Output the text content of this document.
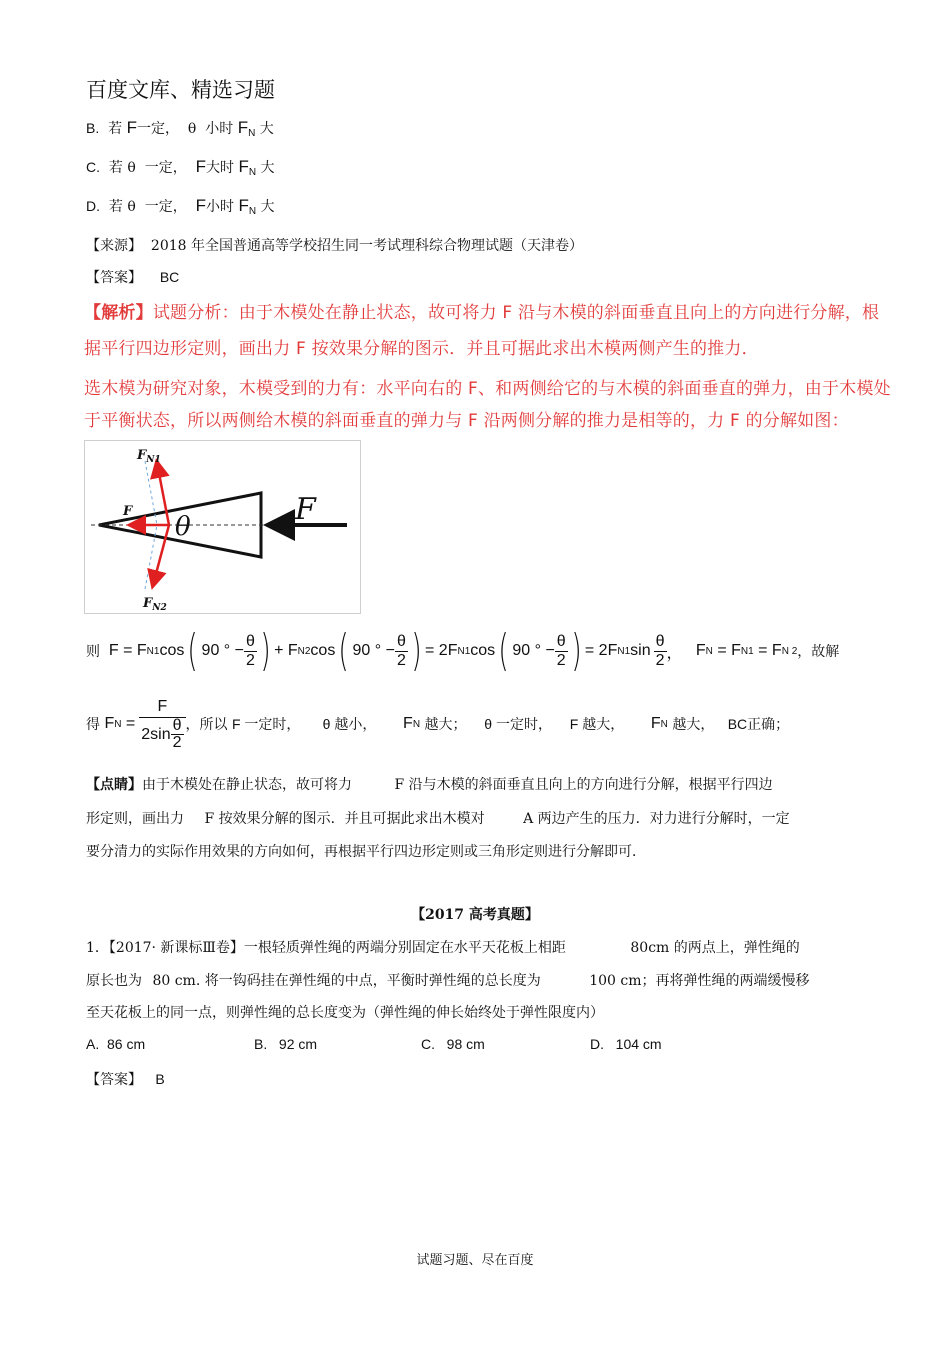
百度文库、精选习题
B. 若 F一定， θ 小时 $F_N$ 大
C. 若 θ 一定， F大时 $F_N$ 大
D. 若 θ 一定， F小时 $F_N$ 大
【来源】 2018 年全国普通高等学校招生同一考试理科综合物理试题（天津卷）
【答案】 BC
【解析】试题分析：由于木模处在静止状态，故可将力 F 沿与木模的斜面垂直且向上的方向进行分解，根
据平行四边形定则，画出力 F 按效果分解的图示．并且可据此求出木模两侧产生的推力．
选木模为研究对象，木模受到的力有：水平向右的 F、和两侧给它的与木模的斜面垂直的弹力，由于木模处
于平衡状态，所以两侧给木模的斜面垂直的弹力与 F 沿两侧分解的推力是相等的，力 F 的分解如图：
$F_{N1}$
$F_{N2}$
F
θ	F
则
F = F N1 cos ( 90 ° − $\frac{\theta}{2}$ ) + F N2 cos ( 90 ° − $\frac{\theta}{2}$ ) = 2F N1 cos ( 90 ° − $\frac{\theta}{2}$ ) = 2F N1 $\sin \frac{\theta}{2}$ ，
F N
= F N1
= F N 2 ，故解
得
F N
= $\frac{F}{2\sin \frac{\theta}{2}}$ ，所以
F 一定时，
θ 越小，
F N
越大；
θ 一定时，
F 越大，
F N
越大，
BC正确；
【点睛】由于木模处在静止状态，故可将力	F 沿与木模的斜面垂直且向上的方向进行分解，根据平行四边
形定则，画出力 F 按效果分解的图示．并且可据此求出木模对	A 两边产生的压力．对力进行分解时，一定
要分清力的实际作用效果的方向如何，再根据平行四边形定则或三角形定则进行分解即可．
【2017 高考真题】
1．【2017· 新课标Ⅲ卷】一根轻质弹性绳的两端分别固定在水平天花板上相距	80cm 的两点上，弹性绳的
原长也为 80 cm. 将一钩码挂在弹性绳的中点，平衡时弹性绳的总长度为	100 cm；再将弹性绳的两端缓慢移
至天花板上的同一点，则弹性绳的总长度变为（弹性绳的伸长始终处于弹性限度内）
A. 86 cm	B. 92 cm	C. 98 cm	D. 104 cm
【答案】 B
试题习题、尽在百度
